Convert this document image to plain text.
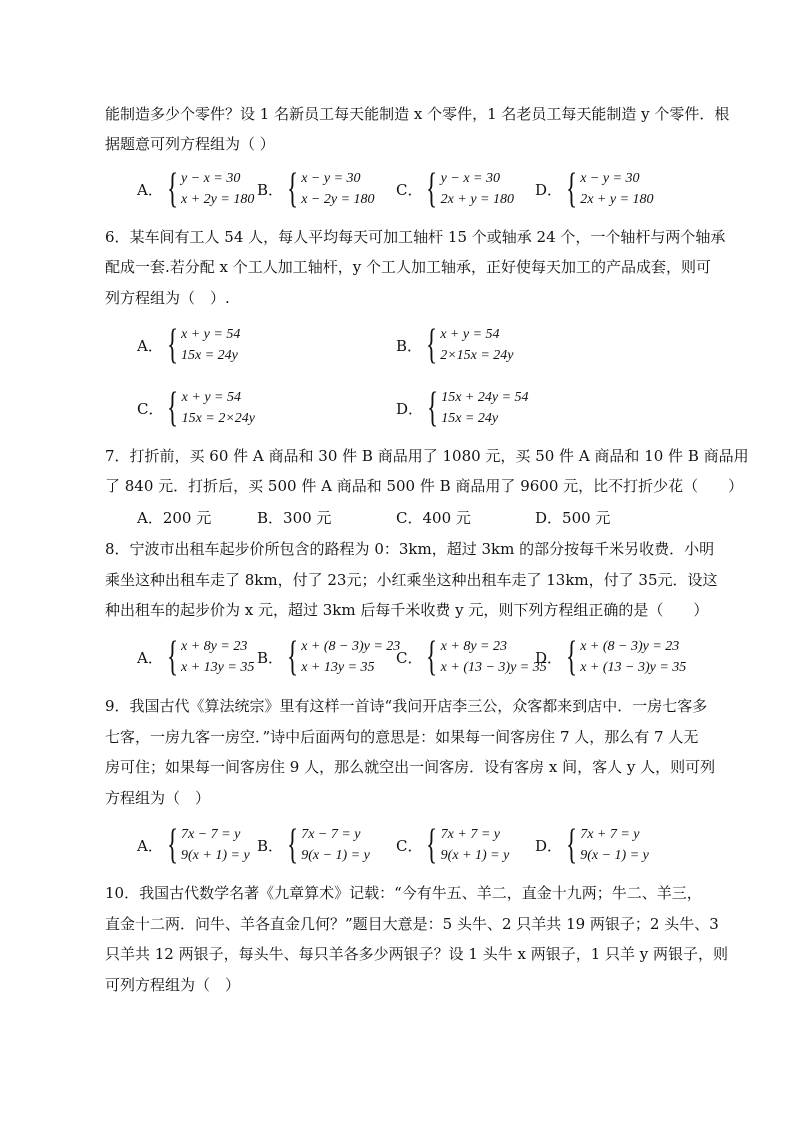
能制造多少个零件？设 1 名新员工每天能制造 x 个零件，1 名老员工每天能制造 y 个零件．根
据题意可列方程组为（ ）
A． { y − x = 30
x + 2y = 180
B． { x − y = 30
x − 2y = 180
C． { y − x = 30
2x + y = 180
D． { x − y = 30
2x + y = 180
6．某车间有工人 54 人，每人平均每天可加工轴杆 15 个或轴承 24 个，一个轴杆与两个轴承
配成一套.若分配 x 个工人加工轴杆，y 个工人加工轴承，正好使每天加工的产品成套，则可
列方程组为（　）.
A． { x + y = 54
15x = 24y
B． { x + y = 54
2×15x = 24y
C． { x + y = 54
15x = 2×24y
D． { 15x + 24y = 54
15x = 24y
7．打折前，买 60 件 A 商品和 30 件 B 商品用了 1080 元，买 50 件 A 商品和 10 件 B 商品用
了 840 元．打折后，买 500 件 A 商品和 500 件 B 商品用了 9600 元，比不打折少花（　　）
A．200 元	B．300 元	C．400 元	D．500 元
8．宁波市出租车起步价所包含的路程为 0：3km，超过 3km 的部分按每千米另收费．小明
乘坐这种出租车走了 8km，付了 23元；小红乘坐这种出租车走了 13km，付了 35元．设这
种出租车的起步价为 x 元，超过 3km 后每千米收费 y 元，则下列方程组正确的是（　　）
A． { x + 8y = 23
x + 13y = 35
B． { x + (8 − 3)y = 23
x + 13y = 35
C． { x + 8y = 23
x + (13 − 3)y = 35
D． { x + (8 − 3)y = 23
x + (13 − 3)y = 35
9．我国古代《算法统宗》里有这样一首诗“我问开店李三公，众客都来到店中．一房七客多
七客，一房九客一房空．”诗中后面两句的意思是：如果每一间客房住 7 人，那么有 7 人无
房可住；如果每一间客房住 9 人，那么就空出一间客房．设有客房 x 间，客人 y 人，则可列
方程组为（　）
A． { 7x − 7 = y
9(x + 1) = y
B． { 7x − 7 = y
9(x − 1) = y
C． { 7x + 7 = y
9(x + 1) = y
D． { 7x + 7 = y
9(x − 1) = y
10．我国古代数学名著《九章算术》记载：“今有牛五、羊二，直金十九两；牛二、羊三，
直金十二两．问牛、羊各直金几何？”题目大意是：5 头牛、2 只羊共 19 两银子；2 头牛、3
只羊共 12 两银子，每头牛、每只羊各多少两银子？设 1 头牛 x 两银子，1 只羊 y 两银子，则
可列方程组为（　）
